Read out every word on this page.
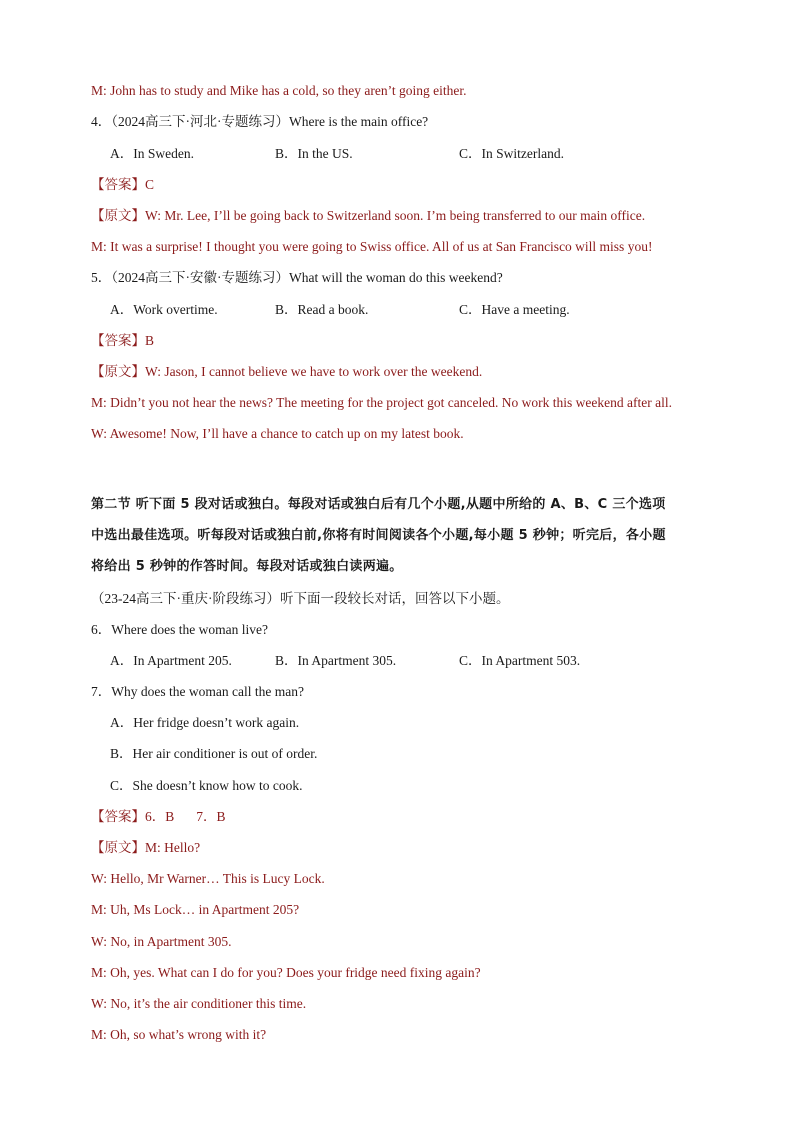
M: John has to study and Mike has a cold, so they aren’t going either.
4．（2024高三下·河北·专题练习）Where is the main office?
A．In Sweden.	B．In the US.	C．In Switzerland.
【答案】C
【原文】W: Mr. Lee, I’ll be going back to Switzerland soon. I’m being transferred to our main office.
M: It was a surprise! I thought you were going to Swiss office. All of us at San Francisco will miss you!
5．（2024高三下·安徽·专题练习）What will the woman do this weekend?
A．Work overtime.	B．Read a book.	C．Have a meeting.
【答案】B
【原文】W: Jason, I cannot believe we have to work over the weekend.
M: Didn’t you not hear the news? The meeting for the project got canceled. No work this weekend after all.
W: Awesome! Now, I’ll have a chance to catch up on my latest book.
第二节 听下面 5 段对话或独白。每段对话或独白后有几个小题,从题中所给的 A、B、C 三个选项
中选出最佳选项。听每段对话或独白前,你将有时间阅读各个小题,每小题 5 秒钟；听完后，各小题
将给出 5 秒钟的作答时间。每段对话或独白读两遍。
（23-24高三下·重庆·阶段练习）听下面一段较长对话，回答以下小题。
6．Where does the woman live?
A．In Apartment 205.	B．In Apartment 305.	C．In Apartment 503.
7．Why does the woman call the man?
A．Her fridge doesn’t work again.
B．Her air conditioner is out of order.
C．She doesn’t know how to cook.
【答案】6．B 7．B
【原文】M: Hello?
W: Hello, Mr Warner… This is Lucy Lock.
M: Uh, Ms Lock… in Apartment 205?
W: No, in Apartment 305.
M: Oh, yes. What can I do for you? Does your fridge need fixing again?
W: No, it’s the air conditioner this time.
M: Oh, so what’s wrong with it?
